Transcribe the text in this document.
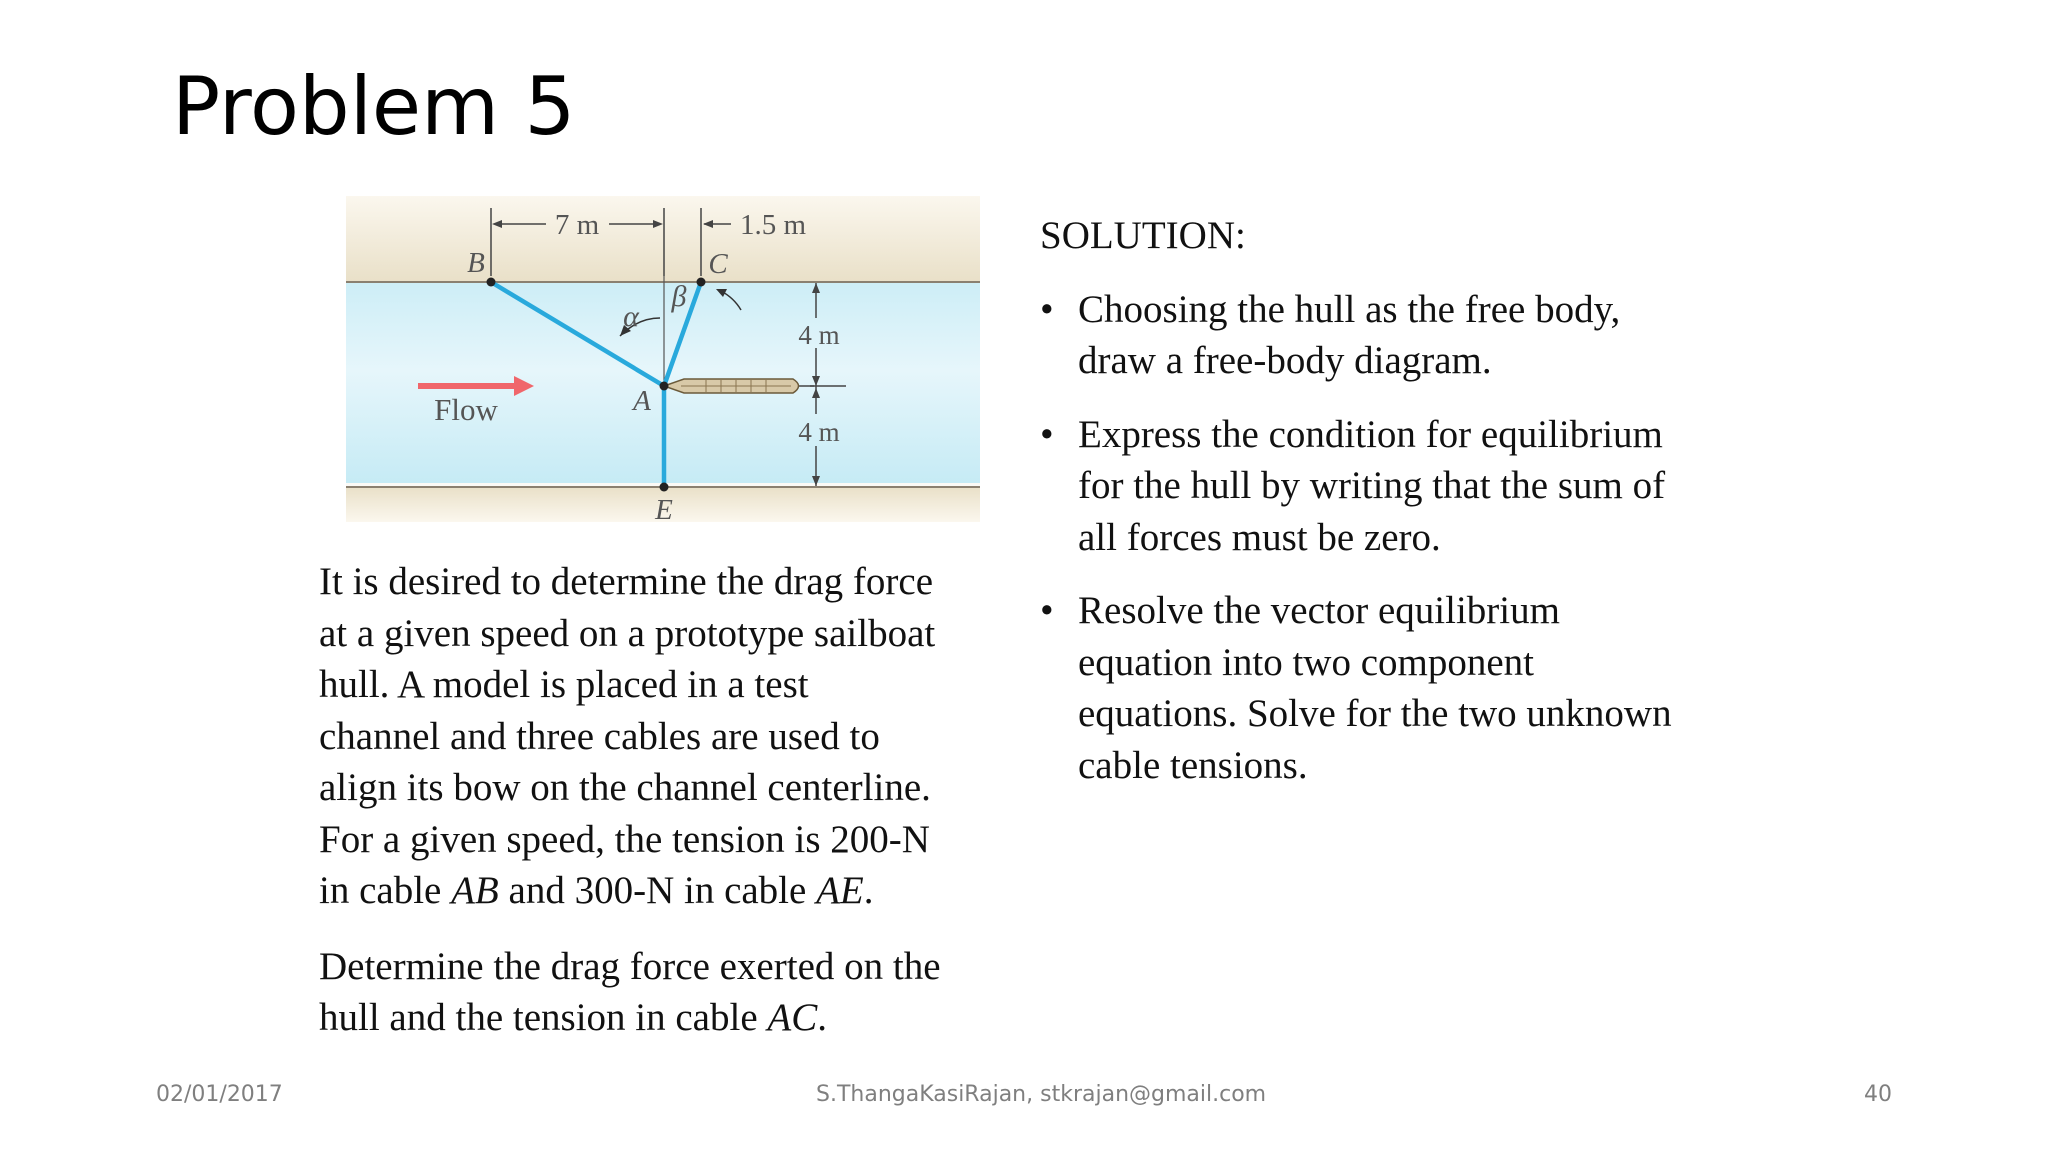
Problem 5
7 m	1.5 m
4 m
4 m
α
β
B	C
A
E
Flow

It is desired to determine the drag force
at a given speed on a prototype sailboat
hull. A model is placed in a test
channel and three cables are used to
align its bow on the channel centerline.
For a given speed, the tension is 200-N
in cable AB and 300-N in cable AE.

Determine the drag force exerted on the
hull and the tension in cable AC.

SOLUTION:
• Choosing the hull as the free body,
draw a free-body diagram.
• Express the condition for equilibrium
for the hull by writing that the sum of
all forces must be zero.
• Resolve the vector equilibrium
equation into two component
equations. Solve for the two unknown
cable tensions.
02/01/2017	S.ThangaKasiRajan, stkrajan@gmail.com	40
